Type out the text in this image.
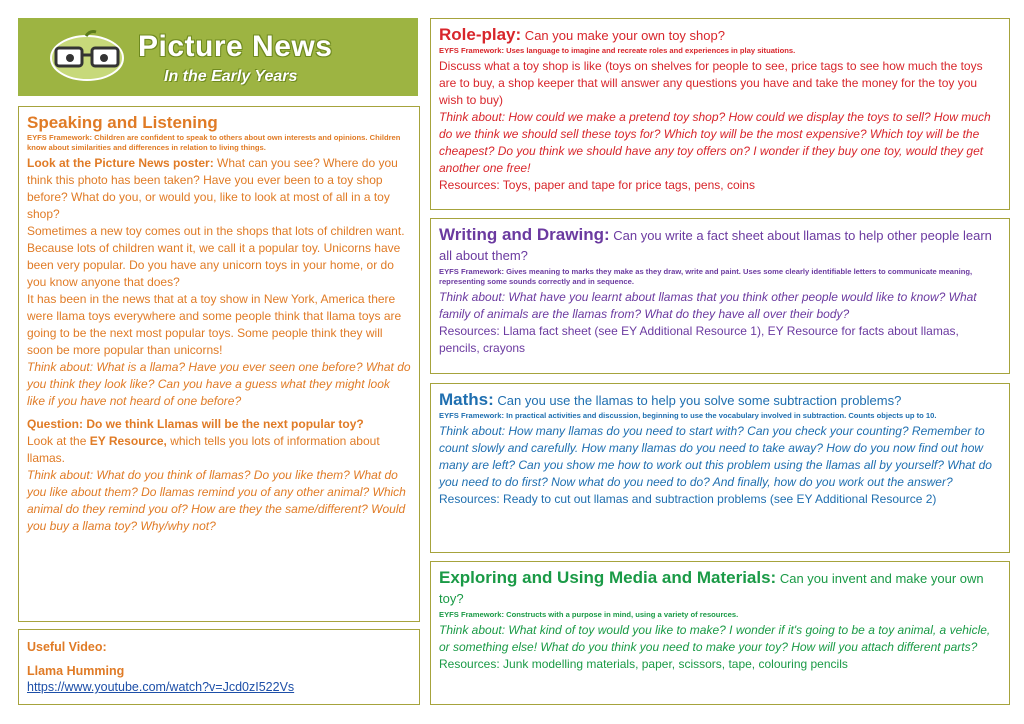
Picture News
In the Early Years
Speaking and Listening
EYFS Framework: Children are confident to speak to others about own interests and opinions. Children know about similarities and differences in relation to living things.

Look at the Picture News poster: What can you see? Where do you think this photo has been taken? Have you ever been to a toy shop before? What do you, or would you, like to look at most of all in a toy shop?

Sometimes a new toy comes out in the shops that lots of children want. Because lots of children want it, we call it a popular toy. Unicorns have been very popular. Do you have any unicorn toys in your home, or do you know anyone that does?

It has been in the news that at a toy show in New York, America there were llama toys everywhere and some people think that llama toys are going to be the next most popular toys. Some people think they will soon be more popular than unicorns!

Think about: What is a llama? Have you ever seen one before? What do you think they look like? Can you have a guess what they might look like if you have not heard of one before?

Question: Do we think Llamas will be the next popular toy?

Look at the EY Resource, which tells you lots of information about llamas.

Think about: What do you think of llamas? Do you like them? What do you like about them? Do llamas remind you of any other animal? Which animal do they remind you of? How are they the same/different? Would you buy a llama toy? Why/why not?

Useful Video:
Llama Humming
https://www.youtube.com/watch?v=Jcd0zI522Vs
Role-play: Can you make your own toy shop?
EYFS Framework: Uses language to imagine and recreate roles and experiences in play situations.

Discuss what a toy shop is like (toys on shelves for people to see, price tags to see how much the toys are to buy, a shop keeper that will answer any questions you have and take the money for the toy you wish to buy)

Think about: How could we make a pretend toy shop? How could we display the toys to sell? How much do we think we should sell these toys for? Which toy will be the most expensive? Which toy will be the cheapest? Do you think we should have any toy offers on? I wonder if they buy one toy, would they get another one free!

Resources: Toys, paper and tape for price tags, pens, coins

Writing and Drawing: Can you write a fact sheet about llamas to help other people learn all about them?
EYFS Framework: Gives meaning to marks they make as they draw, write and paint. Uses some clearly identifiable letters to communicate meaning, representing some sounds correctly and in sequence.

Think about: What have you learnt about llamas that you think other people would like to know? What family of animals are the llamas from? What do they have all over their body?

Resources: Llama fact sheet (see EY Additional Resource 1), EY Resource for facts about llamas, pencils, crayons

Maths: Can you use the llamas to help you solve some subtraction problems?
EYFS Framework: In practical activities and discussion, beginning to use the vocabulary involved in subtraction. Counts objects up to 10.

Think about: How many llamas do you need to start with? Can you check your counting? Remember to count slowly and carefully. How many llamas do you need to take away? How do you now find out how many are left? Can you show me how to work out this problem using the llamas all by yourself? What do you need to do first? Now what do you need to do? And finally, how do you work out the answer?

Resources: Ready to cut out llamas and subtraction problems (see EY Additional Resource 2)

Exploring and Using Media and Materials: Can you invent and make your own toy?
EYFS Framework: Constructs with a purpose in mind, using a variety of resources.

Think about: What kind of toy would you like to make? I wonder if it's going to be a toy animal, a vehicle, or something else! What do you think you need to make your toy? How will you attach different parts?

Resources: Junk modelling materials, paper, scissors, tape, colouring pencils
